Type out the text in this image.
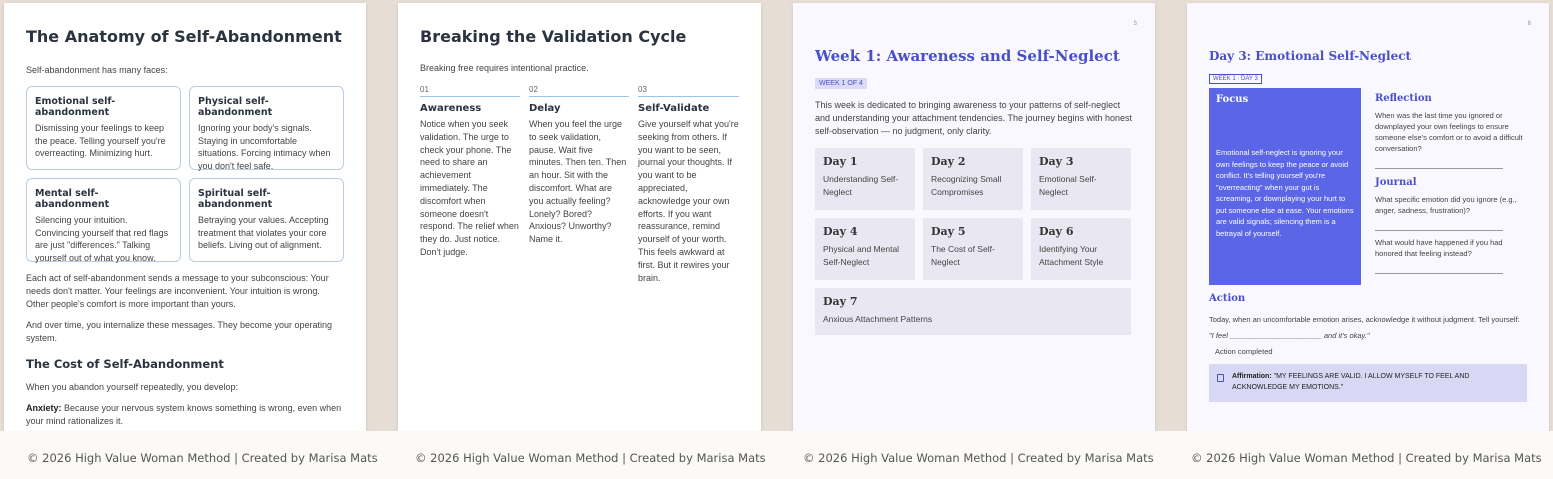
The Anatomy of Self-Abandonment
Self-abandonment has many faces:
Emotional self-abandonment
Dismissing your feelings to keep the peace. Telling yourself you're overreacting. Minimizing hurt.
Physical self-abandonment
Ignoring your body's signals. Staying in uncomfortable situations. Forcing intimacy when you don't feel safe.
Mental self-abandonment
Silencing your intuition. Convincing yourself that red flags are just "differences." Talking yourself out of what you know.
Spiritual self-abandonment
Betraying your values. Accepting treatment that violates your core beliefs. Living out of alignment.
Each act of self-abandonment sends a message to your subconscious: Your needs don't matter. Your feelings are inconvenient. Your intuition is wrong. Other people's comfort is more important than yours.
And over time, you internalize these messages. They become your operating system.
The Cost of Self-Abandonment
When you abandon yourself repeatedly, you develop:
Anxiety: Because your nervous system knows something is wrong, even when your mind rationalizes it.
Breaking the Validation Cycle
Breaking free requires intentional practice.
01
Awareness
Notice when you seek validation. The urge to check your phone. The need to share an achievement immediately. The discomfort when someone doesn't respond. The relief when they do. Just notice. Don't judge.
02
Delay
When you feel the urge to seek validation, pause. Wait five minutes. Then ten. Then an hour. Sit with the discomfort. What are you actually feeling? Lonely? Bored? Anxious? Unworthy? Name it.
03
Self-Validate
Give yourself what you're seeking from others. If you want to be seen, journal your thoughts. If you want to be appreciated, acknowledge your own efforts. If you want reassurance, remind yourself of your worth. This feels awkward at first. But it rewires your brain.
5
Week 1: Awareness and Self-Neglect
WEEK 1 OF 4
This week is dedicated to bringing awareness to your patterns of self-neglect and understanding your attachment tendencies. The journey begins with honest self-observation — no judgment, only clarity.
Day 1
Understanding Self-Neglect
Day 2
Recognizing Small Compromises
Day 3
Emotional Self-Neglect
Day 4
Physical and Mental Self-Neglect
Day 5
The Cost of Self-Neglect
Day 6
Identifying Your Attachment Style
Day 7
Anxious Attachment Patterns
6
Day 3: Emotional Self-Neglect
WEEK 1 · DAY 3
Focus
Emotional self-neglect is ignoring your own feelings to keep the peace or avoid conflict. It's telling yourself you're "overreacting" when your gut is screaming, or downplaying your hurt to put someone else at ease. Your emotions are valid signals; silencing them is a betrayal of yourself.
Reflection
When was the last time you ignored or downplayed your own feelings to ensure someone else's comfort or to avoid a difficult conversation?
Journal
What specific emotion did you ignore (e.g., anger, sadness, frustration)?
What would have happened if you had honored that feeling instead?
Action
Today, when an uncomfortable emotion arises, acknowledge it without judgment. Tell yourself:
"I feel ______________________ and it's okay."
Action completed
Affirmation: "MY FEELINGS ARE VALID. I ALLOW MYSELF TO FEEL AND ACKNOWLEDGE MY EMOTIONS."
© 2026 High Value Woman Method | Created by Marisa Mats	© 2026 High Value Woman Method | Created by Marisa Mats	© 2026 High Value Woman Method | Created by Marisa Mats	© 2026 High Value Woman Method | Created by Marisa Mats
